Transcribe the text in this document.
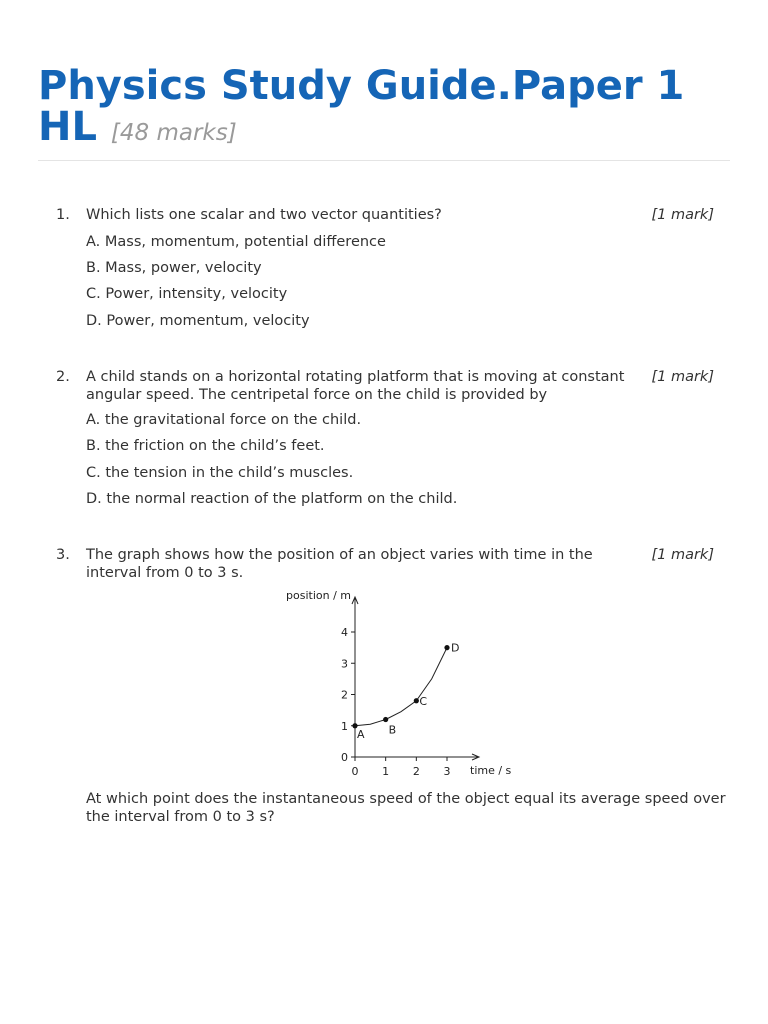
Physics Study Guide.Paper 1
HL [48 marks]
1. Which lists one scalar and two vector quantities?	[1 mark]
A. Mass, momentum, potential difference
B. Mass, power, velocity
C. Power, intensity, velocity
D. Power, momentum, velocity
2. A child stands on a horizontal rotating platform that is moving at constant angular speed. The centripetal force on the child is provided by
[1 mark]
A. the gravitational force on the child.
B. the friction on the child’s feet.
C. the tension in the child’s muscles.
D. the normal reaction of the platform on the child.
3. The graph shows how the position of an object varies with time in the interval from 0 to 3 s.
[1 mark]
position / m
time / s
0 1 2 3
0
1
2
3
4
A B
C
D
At which point does the instantaneous speed of the object equal its average speed over the interval from 0 to 3 s?
